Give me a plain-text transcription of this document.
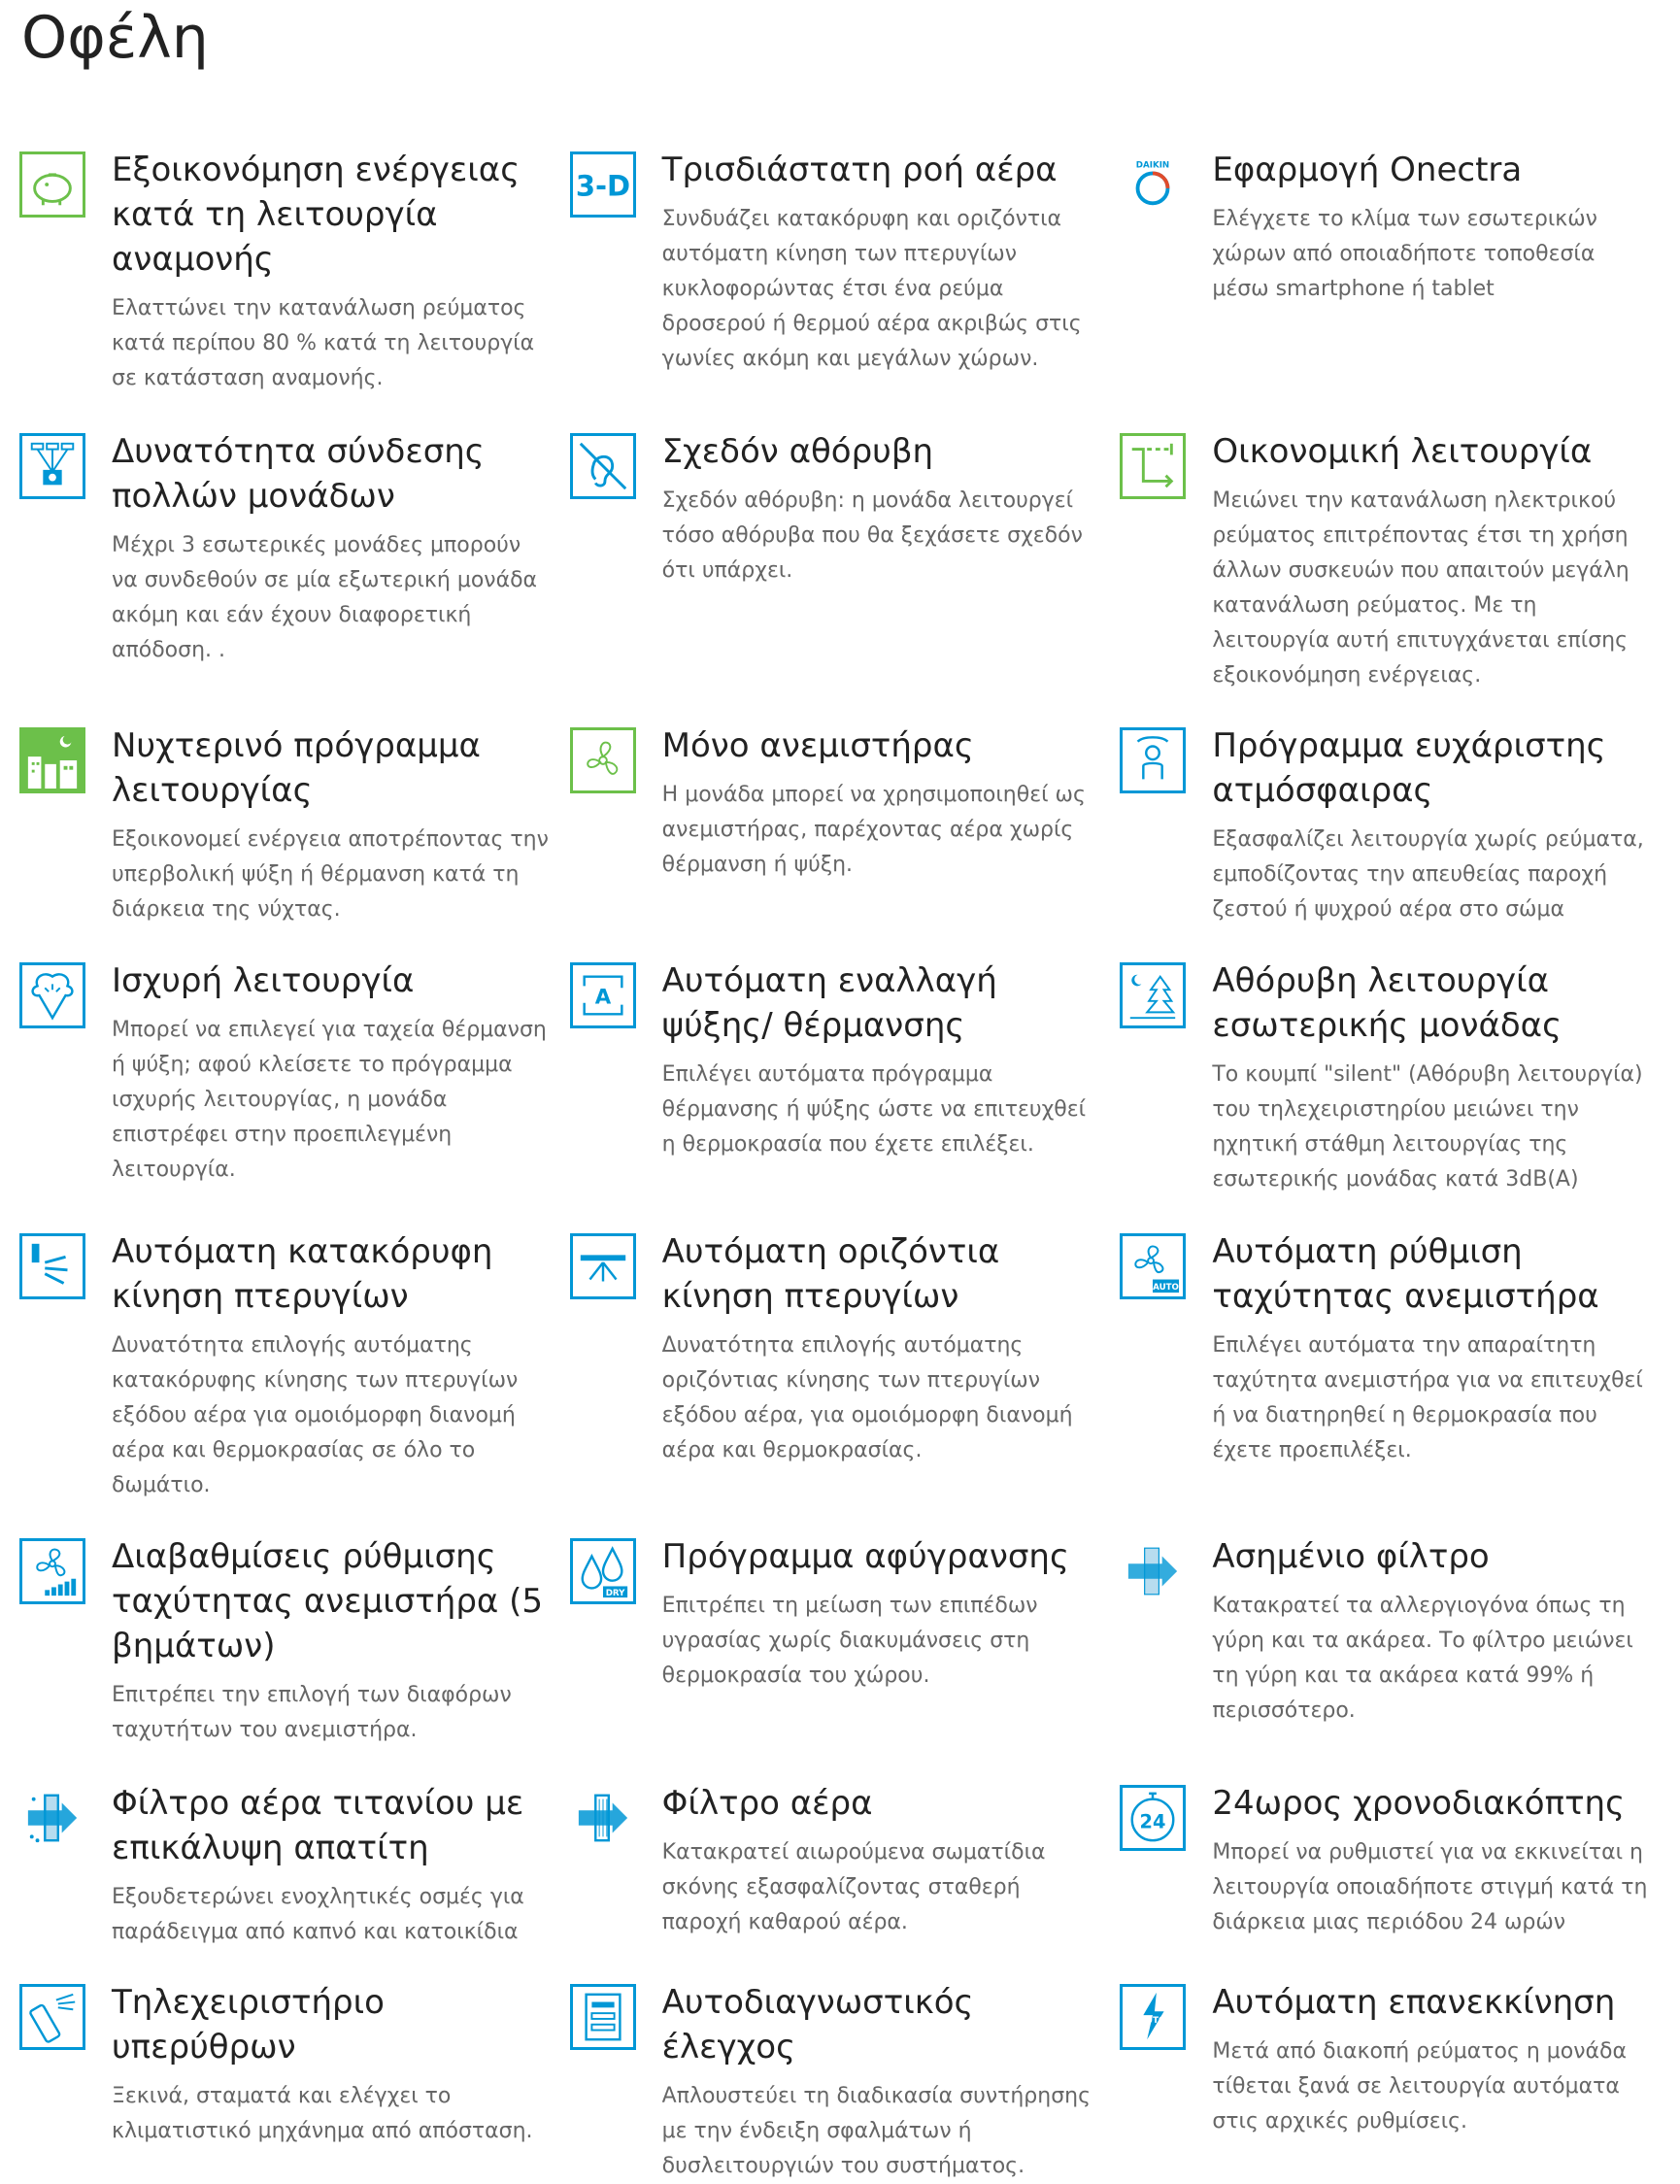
Οφέλη
Εξοικονόμηση ενέργειας κατά τη λειτουργία αναμονής

Ελαττώνει την κατανάλωση ρεύματος κατά περίπου 80 % κατά τη λειτουργία σε κατάσταση αναμονής.

3-D Τρισδιάστατη ροή αέρα

Συνδυάζει κατακόρυφη και οριζόντια αυτόματη κίνηση των πτερυγίων κυκλοφορώντας έτσι ένα ρεύμα δροσερού ή θερμού αέρα ακριβώς στις γωνίες ακόμη και μεγάλων χώρων.

DAIKIN Εφαρμογή Onectra

Ελέγχετε το κλίμα των εσωτερικών χώρων από οποιαδήποτε τοποθεσία μέσω smartphone ή tablet

Δυνατότητα σύνδεσης πολλών μονάδων

Μέχρι 3 εσωτερικές μονάδες μπορούν να συνδεθούν σε μία εξωτερική μονάδα ακόμη και εάν έχουν διαφορετική απόδοση. .

Σχεδόν αθόρυβη

Σχεδόν αθόρυβη: η μονάδα λειτουργεί τόσο αθόρυβα που θα ξεχάσετε σχεδόν ότι υπάρχει.

Οικονομική λειτουργία

Μειώνει την κατανάλωση ηλεκτρικού ρεύματος επιτρέποντας έτσι τη χρήση άλλων συσκευών που απαιτούν μεγάλη κατανάλωση ρεύματος. Με τη λειτουργία αυτή επιτυγχάνεται επίσης εξοικονόμηση ενέργειας.

Νυχτερινό πρόγραμμα λειτουργίας

Εξοικονομεί ενέργεια αποτρέποντας την υπερβολική ψύξη ή θέρμανση κατά τη διάρκεια της νύχτας.

Μόνο ανεμιστήρας

Η μονάδα μπορεί να χρησιμοποιηθεί ως ανεμιστήρας, παρέχοντας αέρα χωρίς θέρμανση ή ψύξη.

Πρόγραμμα ευχάριστης ατμόσφαιρας

Εξασφαλίζει λειτουργία χωρίς ρεύματα, εμποδίζοντας την απευθείας παροχή ζεστού ή ψυχρού αέρα στο σώμα

Ισχυρή λειτουργία

Μπορεί να επιλεγεί για ταχεία θέρμανση ή ψύξη; αφού κλείσετε το πρόγραμμα ισχυρής λειτουργίας, η μονάδα επιστρέφει στην προεπιλεγμένη λειτουργία.

A Αυτόματη εναλλαγή ψύξης/ θέρμανσης

Επιλέγει αυτόματα πρόγραμμα θέρμανσης ή ψύξης ώστε να επιτευχθεί η θερμοκρασία που έχετε επιλέξει.

Αθόρυβη λειτουργία εσωτερικής μονάδας

Το κουμπί "silent" (Αθόρυβη λειτουργία) του τηλεχειριστηρίου μειώνει την ηχητική στάθμη λειτουργίας της εσωτερικής μονάδας κατά 3dB(A)

Αυτόματη κατακόρυφη κίνηση πτερυγίων

Δυνατότητα επιλογής αυτόματης κατακόρυφης κίνησης των πτερυγίων εξόδου αέρα για ομοιόμορφη διανομή αέρα και θερμοκρασίας σε όλο το δωμάτιο.

Αυτόματη οριζόντια κίνηση πτερυγίων

Δυνατότητα επιλογής αυτόματης οριζόντιας κίνησης των πτερυγίων εξόδου αέρα, για ομοιόμορφη διανομή αέρα και θερμοκρασίας.

AUTO
Αυτόματη ρύθμιση ταχύτητας ανεμιστήρα

Επιλέγει αυτόματα την απαραίτητη ταχύτητα ανεμιστήρα για να επιτευχθεί ή να διατηρηθεί η θερμοκρασία που έχετε προεπιλέξει.

Διαβαθμίσεις ρύθμισης ταχύτητας ανεμιστήρα (5 βημάτων)

Επιτρέπει την επιλογή των διαφόρων ταχυτήτων του ανεμιστήρα.

DRY
Πρόγραμμα αφύγρανσης

Επιτρέπει τη μείωση των επιπέδων υγρασίας χωρίς διακυμάνσεις στη θερμοκρασία του χώρου.

Ασημένιο φίλτρο

Κατακρατεί τα αλλεργιογόνα όπως τη γύρη και τα ακάρεα. Το φίλτρο μειώνει τη γύρη και τα ακάρεα κατά 99% ή περισσότερο.

Φίλτρο αέρα τιτανίου με επικάλυψη απατίτη

Εξουδετερώνει ενοχλητικές οσμές για παράδειγμα από καπνό και κατοικίδια

Φίλτρο αέρα

Κατακρατεί αιωρούμενα σωματίδια σκόνης εξασφαλίζοντας σταθερή παροχή καθαρού αέρα.

24 24ωρος χρονοδιακόπτης

Μπορεί να ρυθμιστεί για να εκκινείται η λειτουργία οποιαδήποτε στιγμή κατά τη διάρκεια μιας περιόδου 24 ωρών

Τηλεχειριστήριο υπερύθρων

Ξεκινά, σταματά και ελέγχει το κλιματιστικό μηχάνημα από απόσταση.

Αυτοδιαγνωστικός έλεγχος

Απλουστεύει τη διαδικασία συντήρησης με την ένδειξη σφαλμάτων ή δυσλειτουργιών του συστήματος.

AUTO Αυτόματη επανεκκίνηση

Μετά από διακοπή ρεύματος η μονάδα τίθεται ξανά σε λειτουργία αυτόματα στις αρχικές ρυθμίσεις.
